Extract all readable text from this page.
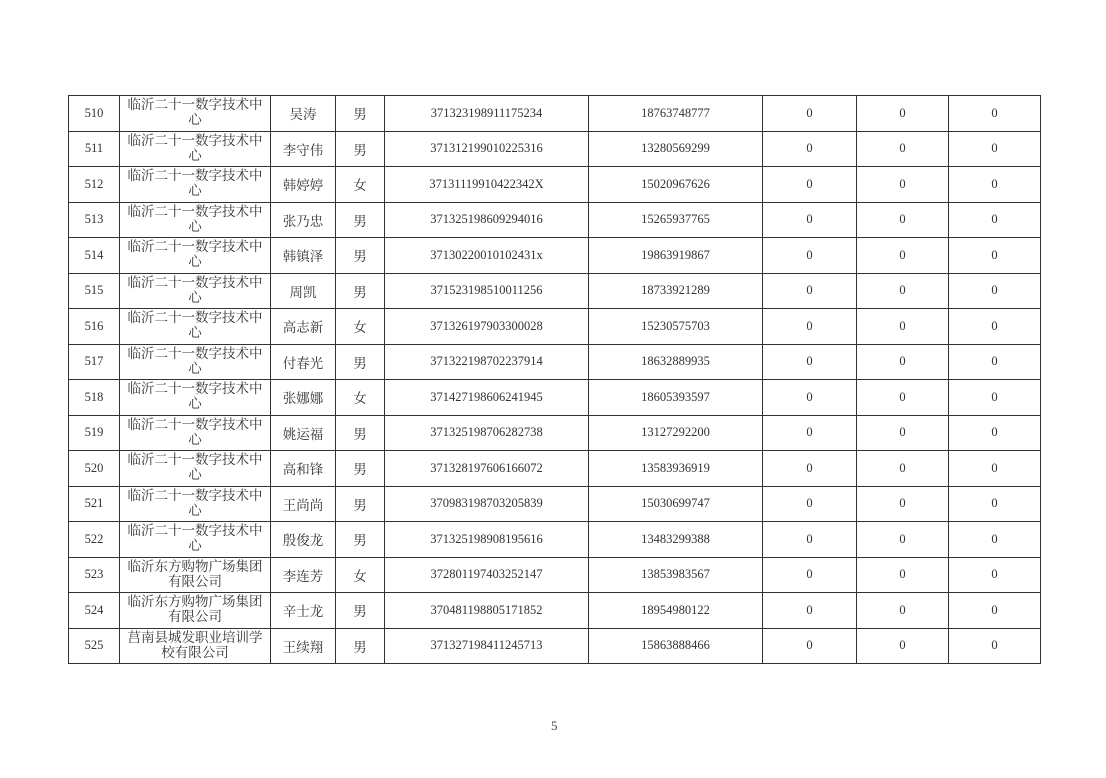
510	临沂二十一数字技术中心	吴涛	男	371323198911175234	18763748777	0	0	0
511	临沂二十一数字技术中心	李守伟	男	371312199010225316	13280569299	0	0	0
512	临沂二十一数字技术中心	韩婷婷	女	37131119910422342X	15020967626	0	0	0
513	临沂二十一数字技术中心	张乃忠	男	371325198609294016	15265937765	0	0	0
514	临沂二十一数字技术中心	韩镇泽	男	37130220010102431x	19863919867	0	0	0
515	临沂二十一数字技术中心	周凯	男	371523198510011256	18733921289	0	0	0
516	临沂二十一数字技术中心	高志新	女	371326197903300028	15230575703	0	0	0
517	临沂二十一数字技术中心	付春光	男	371322198702237914	18632889935	0	0	0
518	临沂二十一数字技术中心	张娜娜	女	371427198606241945	18605393597	0	0	0
519	临沂二十一数字技术中心	姚运福	男	371325198706282738	13127292200	0	0	0
520	临沂二十一数字技术中心	高和锋	男	371328197606166072	13583936919	0	0	0
521	临沂二十一数字技术中心	王尚尚	男	370983198703205839	15030699747	0	0	0
522	临沂二十一数字技术中心	殷俊龙	男	371325198908195616	13483299388	0	0	0
523	临沂东方购物广场集团有限公司	李连芳	女	372801197403252147	13853983567	0	0	0
524	临沂东方购物广场集团有限公司	辛士龙	男	370481198805171852	18954980122	0	0	0
525	莒南县城发职业培训学校有限公司	王续翔	男	371327198411245713	15863888466	0	0	0
5
